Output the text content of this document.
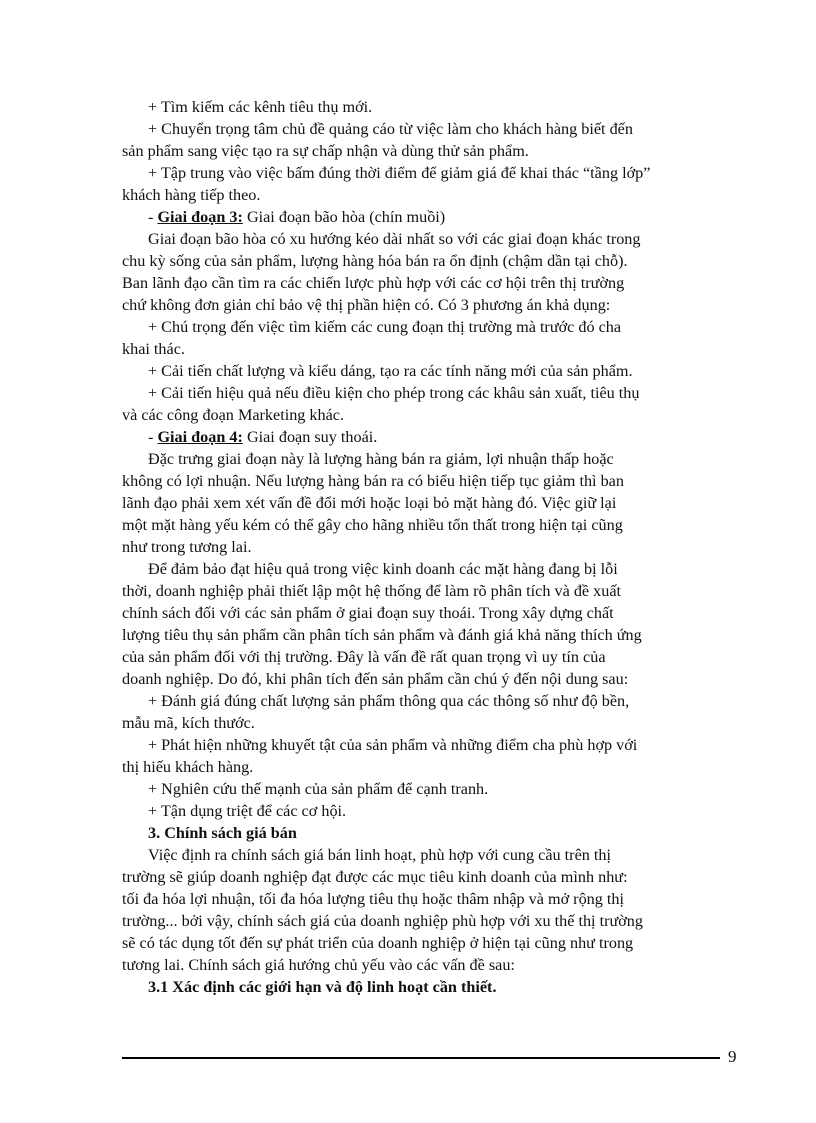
+ Tìm kiếm các kênh tiêu thụ mới.
+ Chuyển trọng tâm chủ đề quảng cáo từ việc làm cho khách hàng biết đến
sản phẩm sang việc tạo ra sự chấp nhận và dùng thử sản phẩm.
+ Tập trung vào việc bấm đúng thời điểm để giảm giá để khai thác “tầng lớp”
khách hàng tiếp theo.
- Giai đoạn 3: Giai đoạn bão hòa (chín muồi)
Giai đoạn bão hòa có xu hướng kéo dài nhất so với các giai đoạn khác trong
chu kỳ sống của sản phẩm, lượng hàng hóa bán ra ổn định (chậm dần tại chỗ).
Ban lãnh đạo cần tìm ra các chiến lược phù hợp với các cơ hội trên thị trường
chứ không đơn giản chỉ bảo vệ thị phần hiện có. Có 3 phương án khả dụng:
+ Chú trọng đến việc tìm kiếm các cung đoạn thị trường mà trước đó cha
khai thác.
+ Cải tiến chất lượng và kiểu dáng, tạo ra các tính năng mới của sản phẩm.
+ Cải tiến hiệu quả nếu điều kiện cho phép trong các khâu sản xuất, tiêu thụ
và các công đoạn Marketing khác.
- Giai đoạn 4: Giai đoạn suy thoái.
Đặc trưng giai đoạn này là lượng hàng bán ra giảm, lợi nhuận thấp hoặc
không có lợi nhuận. Nếu lượng hàng bán ra có biểu hiện tiếp tục giảm thì ban
lãnh đạo phải xem xét vấn đề đổi mới hoặc loại bỏ mặt hàng đó. Việc giữ lại
một mặt hàng yếu kém có thể gây cho hãng nhiều tổn thất trong hiện tại cũng
như trong tương lai.
Để đảm bảo đạt hiệu quả trong việc kinh doanh các mặt hàng đang bị lỗi
thời, doanh nghiệp phải thiết lập một hệ thống để làm rõ phân tích và đề xuất
chính sách đối với các sản phẩm ở giai đoạn suy thoái. Trong xây dựng chất
lượng tiêu thụ sản phẩm cần phân tích sản phẩm và đánh giá khả năng thích ứng
của sản phẩm đối với thị trường. Đây là vấn đề rất quan trọng vì uy tín của
doanh nghiệp. Do đó, khi phân tích đến sản phẩm cần chú ý đến nội dung sau:
+ Đánh giá đúng chất lượng sản phẩm thông qua các thông số như độ bền,
mẫu mã, kích thước.
+ Phát hiện những khuyết tật của sản phẩm và những điểm cha phù hợp với
thị hiếu khách hàng.
+ Nghiên cứu thế mạnh của sản phẩm để cạnh tranh.
+ Tận dụng triệt để các cơ hội.
3. Chính sách giá bán
Việc định ra chính sách giá bán linh hoạt, phù hợp với cung cầu trên thị
trường sẽ giúp doanh nghiệp đạt được các mục tiêu kinh doanh của mình như:
tối đa hóa lợi nhuận, tối đa hóa lượng tiêu thụ hoặc thâm nhập và mở rộng thị
trường... bởi vậy, chính sách giá của doanh nghiệp phù hợp với xu thế thị trường
sẽ có tác dụng tốt đến sự phát triển của doanh nghiệp ở hiện tại cũng như trong
tương lai. Chính sách giá hướng chủ yếu vào các vấn đề sau:
3.1 Xác định các giới hạn và độ linh hoạt cần thiết.
9
